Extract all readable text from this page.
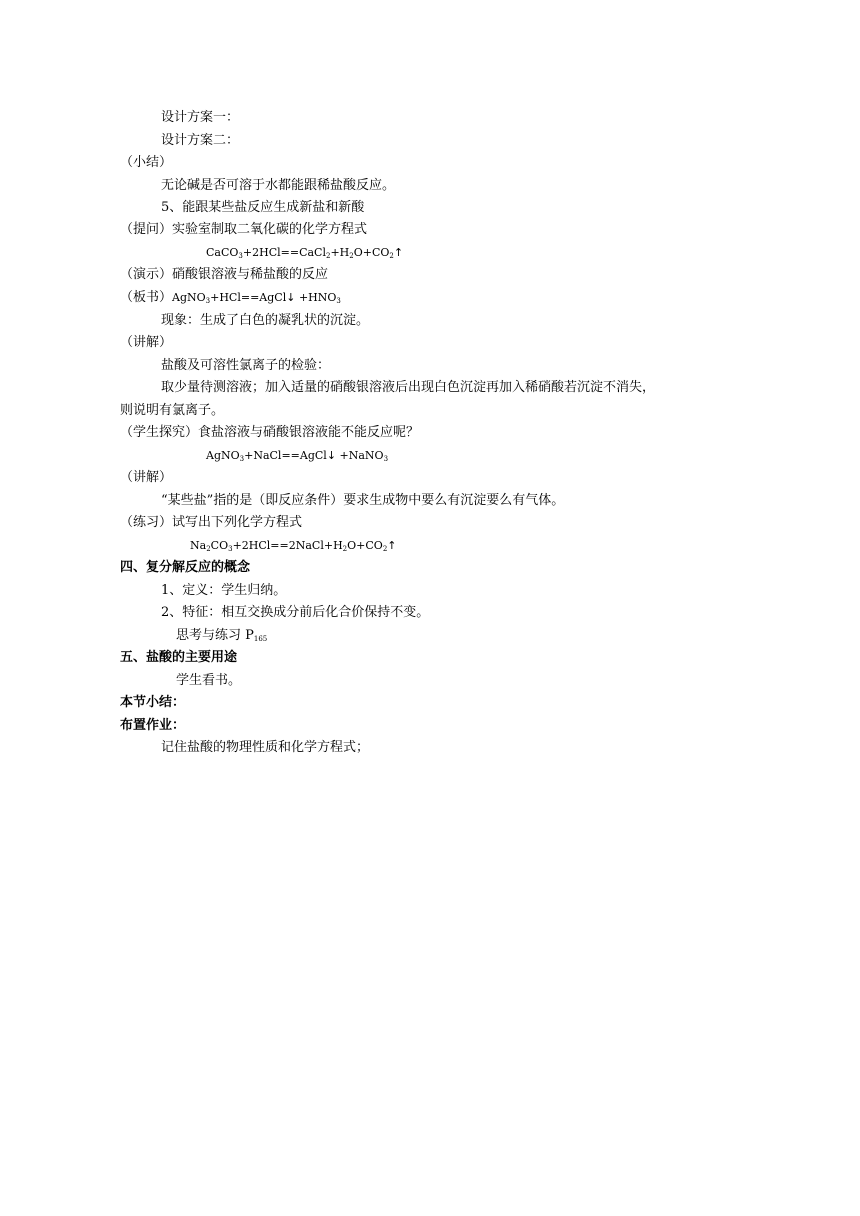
设计方案一：
设计方案二：
（小结）
无论碱是否可溶于水都能跟稀盐酸反应。
5、能跟某些盐反应生成新盐和新酸
（提问）实验室制取二氧化碳的化学方程式
$CaCO_3+2HCl==CaCl_2+H_2O+CO_2↑$
（演示）硝酸银溶液与稀盐酸的反应
（板书）AgNO$_3$+HCl==AgCl↓ $+HNO_3$
现象：生成了白色的凝乳状的沉淀。
（讲解）
盐酸及可溶性氯离子的检验：
取少量待测溶液；加入适量的硝酸银溶液后出现白色沉淀再加入稀硝酸若沉淀不消失，
则说明有氯离子。
（学生探究）食盐溶液与硝酸银溶液能不能反应呢？
AgNO$_3$+NaCl==AgCl↓ +NaNO$_3$
（讲解）
“某些盐”指的是（即反应条件）要求生成物中要么有沉淀要么有气体。
（练习）试写出下列化学方程式
$Na_2CO_3+2HCl==2NaCl+H_2O+CO_2↑$
四、复分解反应的概念
1、定义：学生归纳。
2、特征：相互交换成分前后化合价保持不变。
思考与练习 $P_{165}$
五、盐酸的主要用途
学生看书。
本节小结：
布置作业：
记住盐酸的物理性质和化学方程式；
